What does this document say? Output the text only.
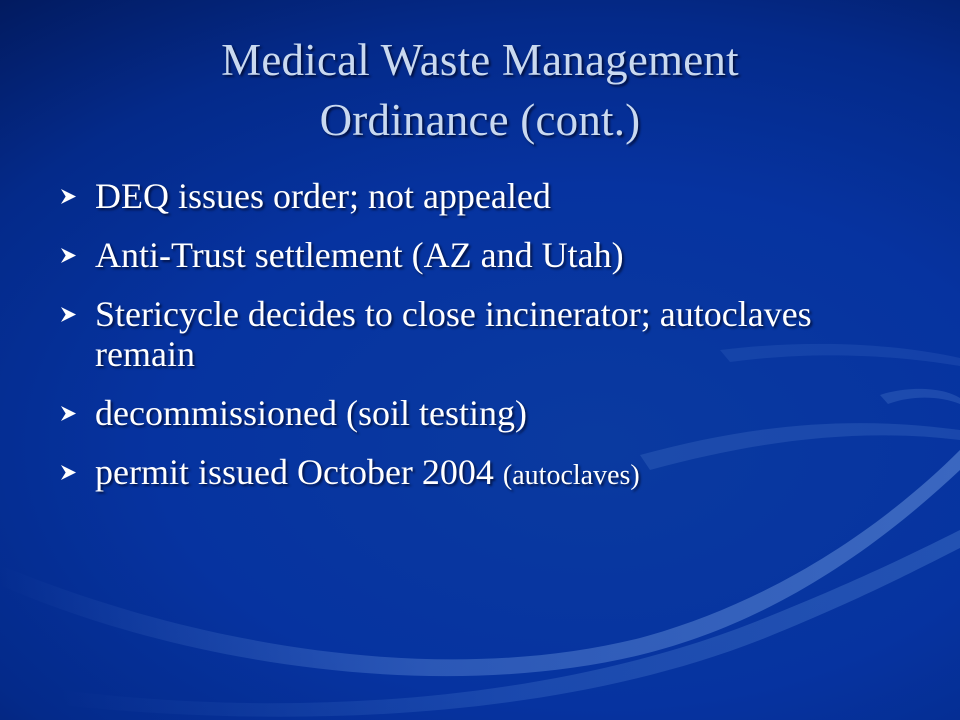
Medical Waste Management
Ordinance (cont.)
DEQ issues order; not appealed
Anti-Trust settlement (AZ and Utah)
Stericycle decides to close incinerator; autoclaves remain
decommissioned (soil testing)
permit issued October 2004 (autoclaves)
